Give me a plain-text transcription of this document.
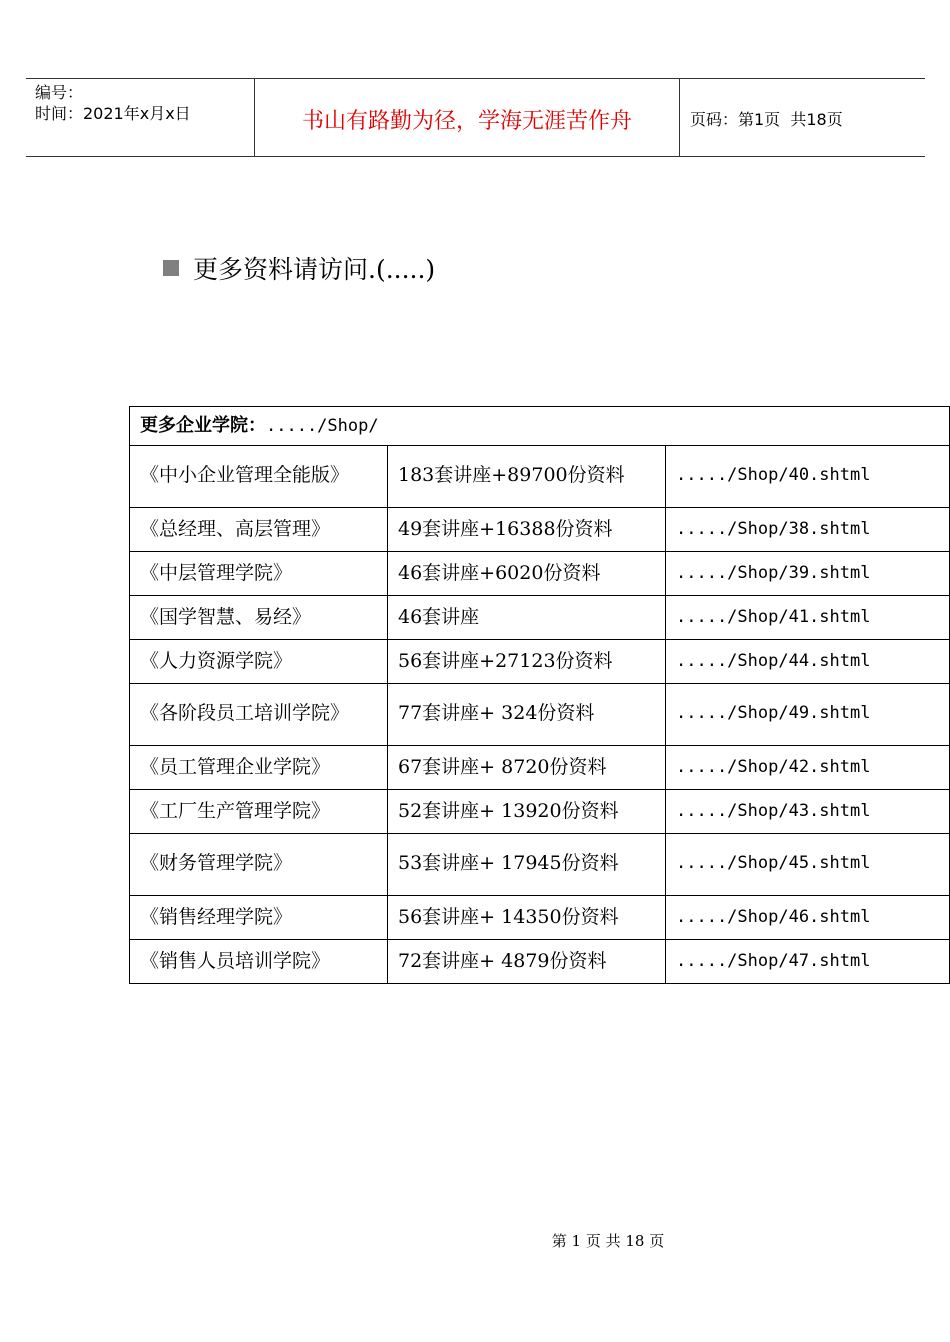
编号：
时间：2021年x月x日	书山有路勤为径，学海无涯苦作舟	页码：第1页  共18页
更多资料请访问.(.....)
更多企业学院：...../Shop/		
《中小企业管理全能版》	183套讲座+89700份资料	...../Shop/40.shtml
《总经理、高层管理》	49套讲座+16388份资料	...../Shop/38.shtml
《中层管理学院》	46套讲座+6020份资料	...../Shop/39.shtml
《国学智慧、易经》	46套讲座	...../Shop/41.shtml
《人力资源学院》	56套讲座+27123份资料	...../Shop/44.shtml
《各阶段员工培训学院》	77套讲座+ 324份资料	...../Shop/49.shtml
《员工管理企业学院》	67套讲座+ 8720份资料	...../Shop/42.shtml
《工厂生产管理学院》	52套讲座+ 13920份资料	...../Shop/43.shtml
《财务管理学院》	53套讲座+ 17945份资料	...../Shop/45.shtml
《销售经理学院》	56套讲座+ 14350份资料	...../Shop/46.shtml
《销售人员培训学院》	72套讲座+ 4879份资料	...../Shop/47.shtml
第 1 页 共 18 页
